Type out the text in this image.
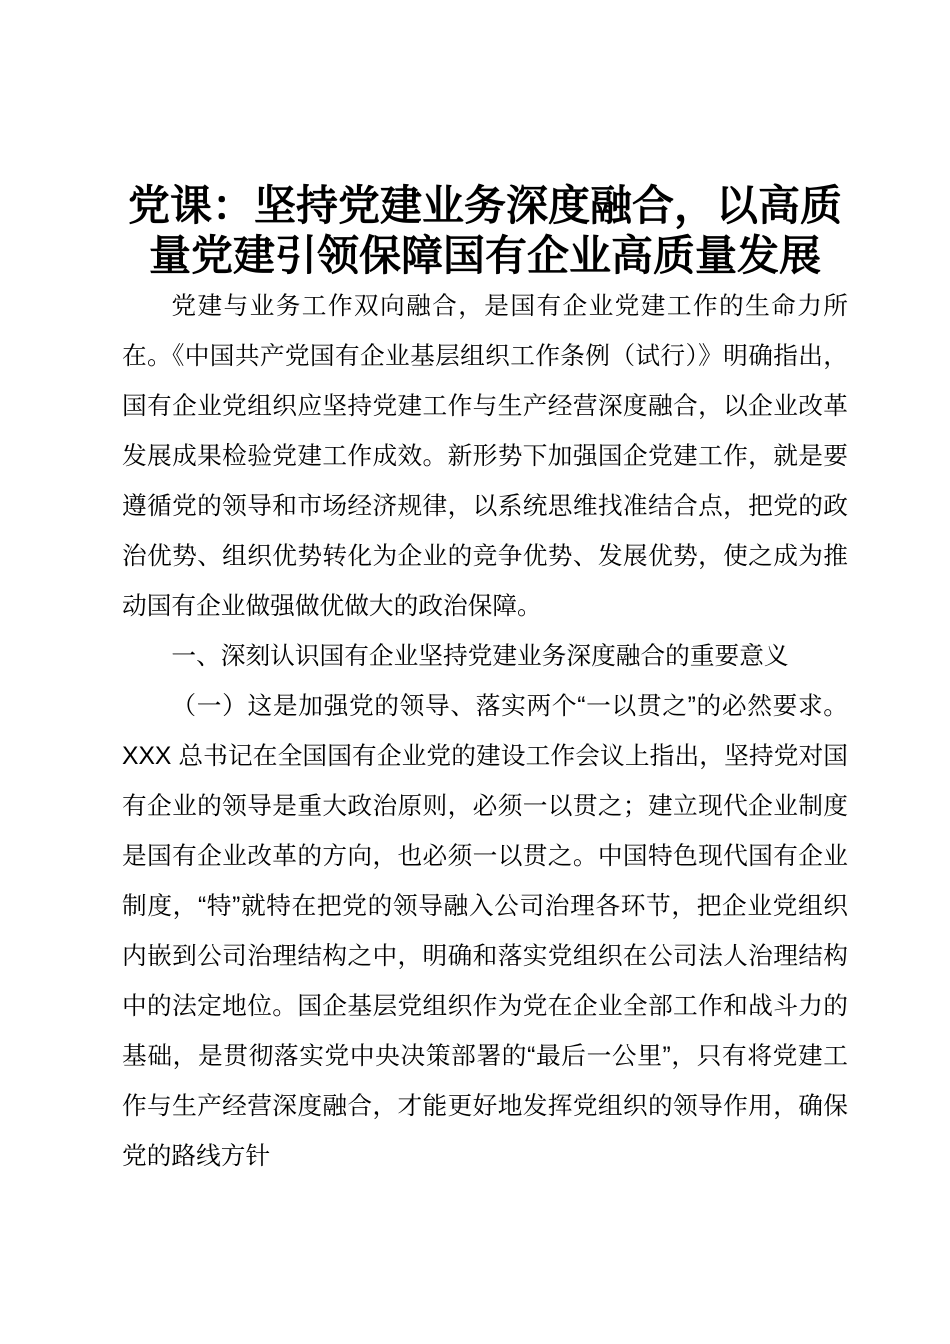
党课：坚持党建业务深度融合，以高质
量党建引领保障国有企业高质量发展

党建与业务工作双向融合，是国有企业党建工作的生命力所在。《中国共产党国有企业基层组织工作条例（试行）》明确指出，国有企业党组织应坚持党建工作与生产经营深度融合，以企业改革发展成果检验党建工作成效。新形势下加强国企党建工作，就是要遵循党的领导和市场经济规律，以系统思维找准结合点，把党的政治优势、组织优势转化为企业的竞争优势、发展优势，使之成为推动国有企业做强做优做大的政治保障。

一、深刻认识国有企业坚持党建业务深度融合的重要意义

（一）这是加强党的领导、落实两个“一以贯之”的必然要求。XXX 总书记在全国国有企业党的建设工作会议上指出，坚持党对国有企业的领导是重大政治原则，必须一以贯之；建立现代企业制度是国有企业改革的方向，也必须一以贯之。中国特色现代国有企业制度，“特”就特在把党的领导融入公司治理各环节，把企业党组织内嵌到公司治理结构之中，明确和落实党组织在公司法人治理结构中的法定地位。国企基层党组织作为党在企业全部工作和战斗力的基础，是贯彻落实党中央决策部署的“最后一公里”，只有将党建工作与生产经营深度融合，才能更好地发挥党组织的领导作用，确保党的路线方针
